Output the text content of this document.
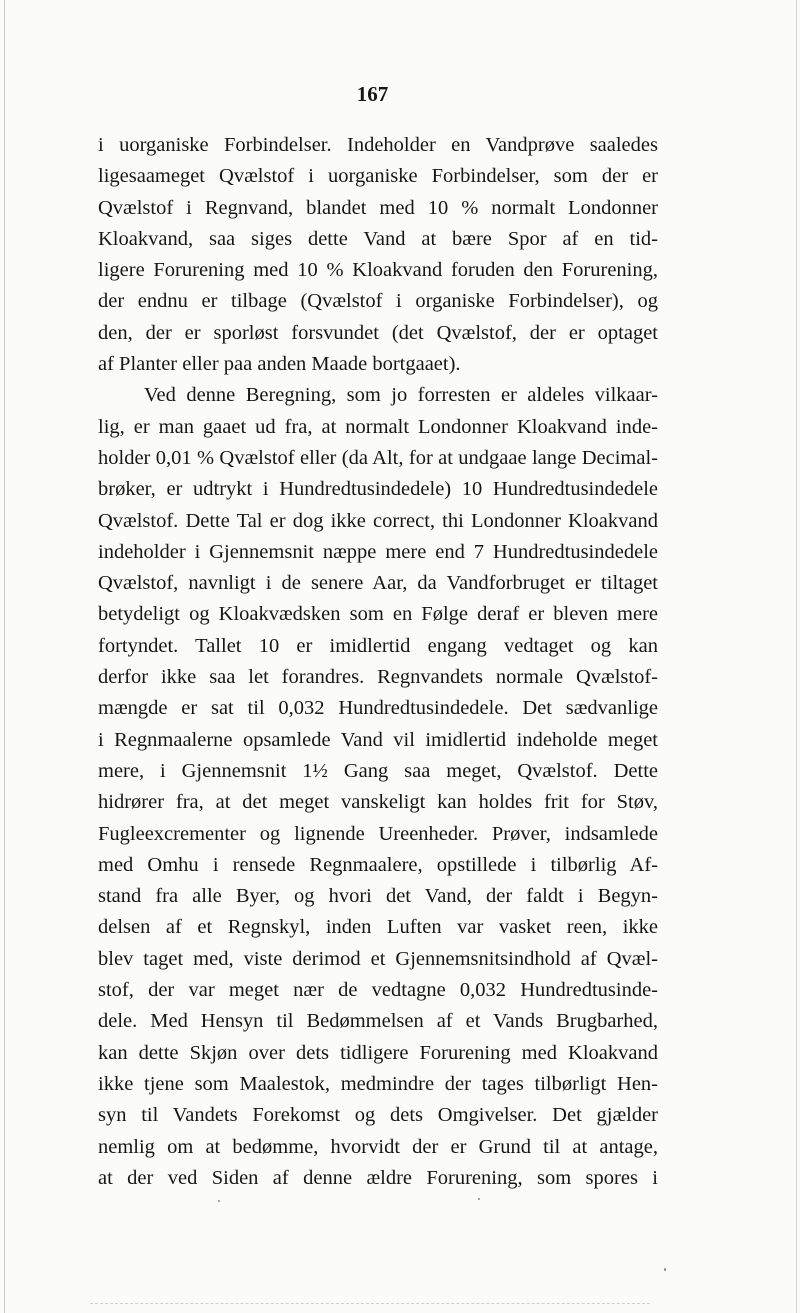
167
i uorganiske Forbindelser. Indeholder en Vandprøve saaledes
ligesaameget Qvælstof i uorganiske Forbindelser, som der er
Qvælstof i Regnvand, blandet med 10 % normalt Londonner
Kloakvand, saa siges dette Vand at bære Spor af en tid-
ligere Forurening med 10 % Kloakvand foruden den Forurening,
der endnu er tilbage (Qvælstof i organiske Forbindelser), og
den, der er sporløst forsvundet (det Qvælstof, der er optaget
af Planter eller paa anden Maade bortgaaet).
Ved denne Beregning, som jo forresten er aldeles vilkaar-
lig, er man gaaet ud fra, at normalt Londonner Kloakvand inde-
holder 0,01 % Qvælstof eller (da Alt, for at undgaae lange Decimal-
brøker, er udtrykt i Hundredtusindedele) 10 Hundredtusindedele
Qvælstof. Dette Tal er dog ikke correct, thi Londonner Kloakvand
indeholder i Gjennemsnit næppe mere end 7 Hundredtusindedele
Qvælstof, navnligt i de senere Aar, da Vandforbruget er tiltaget
betydeligt og Kloakvædsken som en Følge deraf er bleven mere
fortyndet. Tallet 10 er imidlertid engang vedtaget og kan
derfor ikke saa let forandres. Regnvandets normale Qvælstof-
mængde er sat til 0,032 Hundredtusindedele. Det sædvanlige
i Regnmaalerne opsamlede Vand vil imidlertid indeholde meget
mere, i Gjennemsnit 1½ Gang saa meget, Qvælstof. Dette
hidrører fra, at det meget vanskeligt kan holdes frit for Støv,
Fugleexcrementer og lignende Ureenheder. Prøver, indsamlede
med Omhu i rensede Regnmaalere, opstillede i tilbørlig Af-
stand fra alle Byer, og hvori det Vand, der faldt i Begyn-
delsen af et Regnskyl, inden Luften var vasket reen, ikke
blev taget med, viste derimod et Gjennemsnitsindhold af Qvæl-
stof, der var meget nær de vedtagne 0,032 Hundredtusinde-
dele. Med Hensyn til Bedømmelsen af et Vands Brugbarhed,
kan dette Skjøn over dets tidligere Forurening med Kloakvand
ikke tjene som Maalestok, medmindre der tages tilbørligt Hen-
syn til Vandets Forekomst og dets Omgivelser. Det gjælder
nemlig om at bedømme, hvorvidt der er Grund til at antage,
at der ved Siden af denne ældre Forurening, som spores i
